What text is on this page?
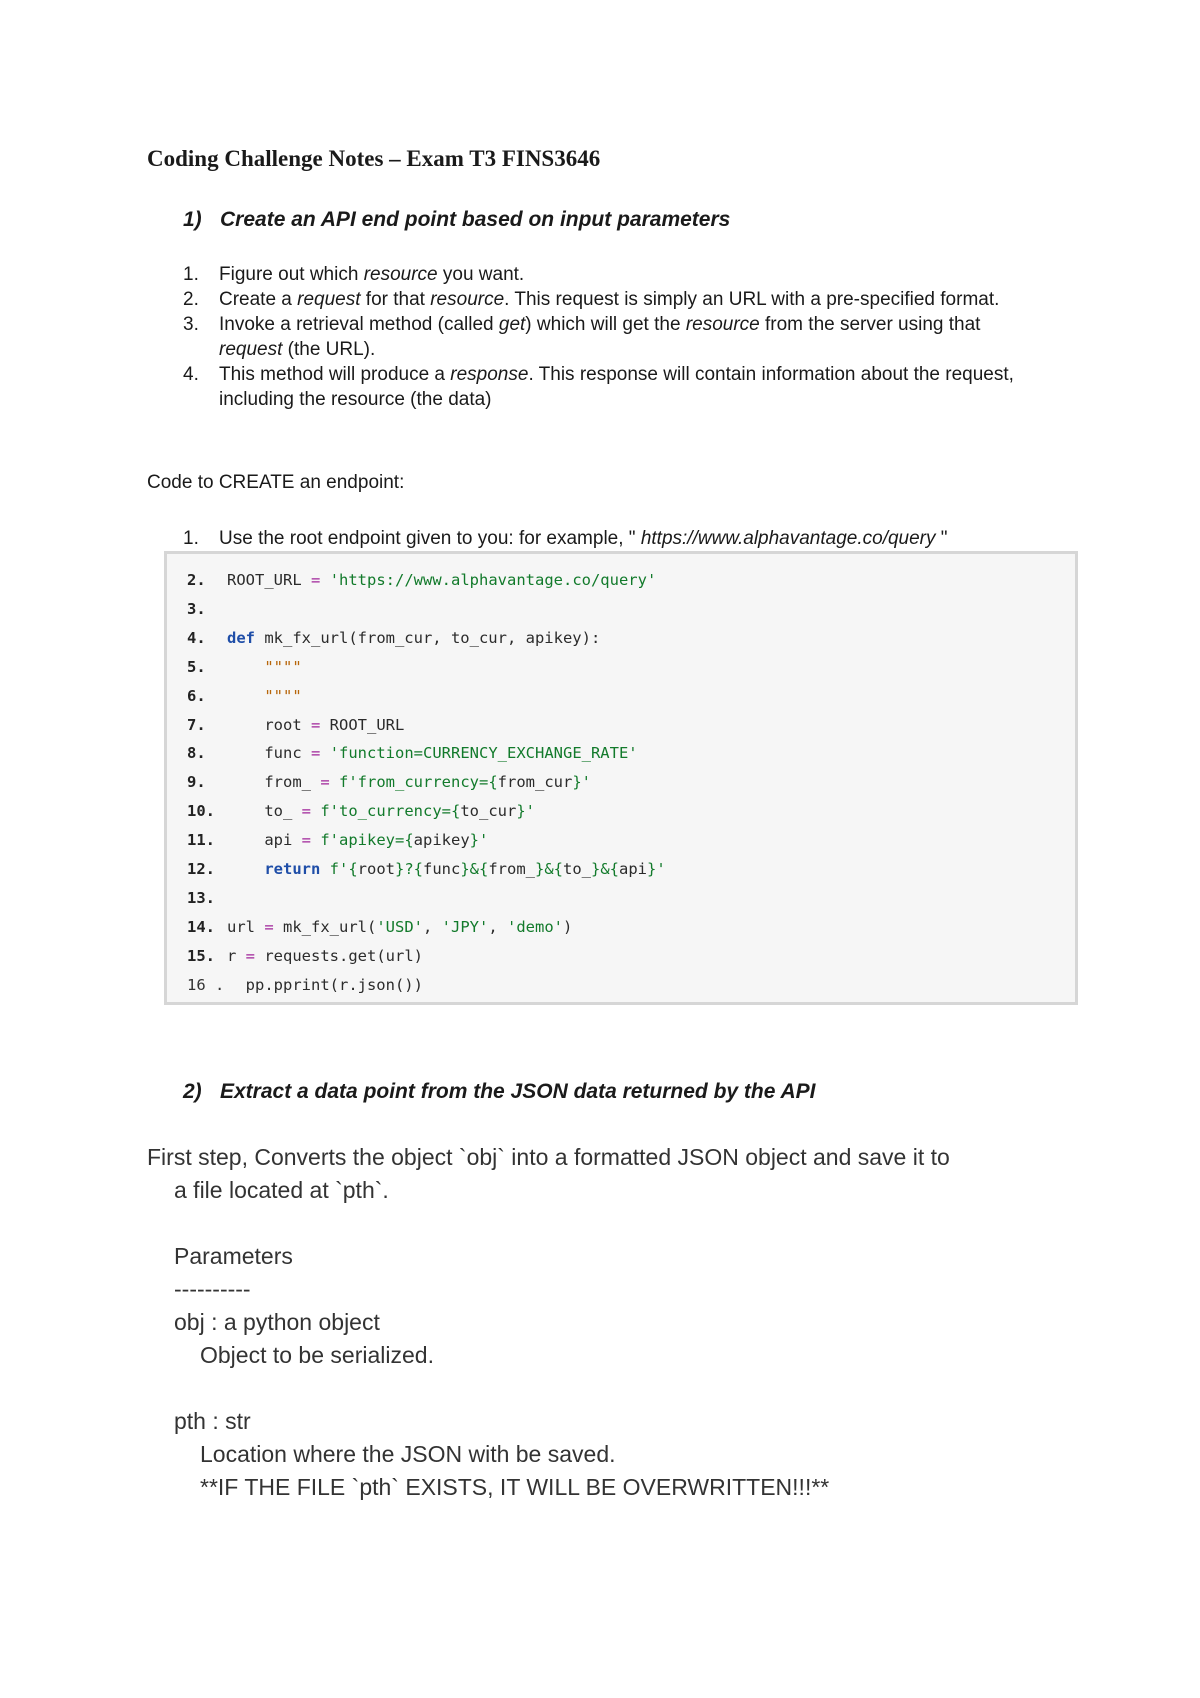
Coding Challenge Notes – Exam T3 FINS3646
1) Create an API end point based on input parameters
1. Figure out which resource you want.
2. Create a request for that resource. This request is simply an URL with a pre-specified format.
3. Invoke a retrieval method (called get) which will get the resource from the server using that request (the URL).
4. This method will produce a response. This response will contain information about the request, including the resource (the data)

Code to CREATE an endpoint:

1. Use the root endpoint given to you: for example, " https://www.alphavantage.co/query "
2. ROOT_URL = 'https://www.alphavantage.co/query'
3.
4. def mk_fx_url(from_cur, to_cur, apikey):
5.	""""
6.	""""
7.    root = ROOT_URL
8.    func = 'function=CURRENCY_EXCHANGE_RATE'
9.    from_ = f'from_currency={from_cur}'
10.    to_ = f'to_currency={to_cur}'
11.    api = f'apikey={apikey}'
12.	return f'{root}?{func}&{from_}&{to_}&{api}'
13.
14. url = mk_fx_url('USD', 'JPY', 'demo')
15. r = requests.get(url)
16 .  pp.pprint(r.json())
2) Extract a data point from the JSON data returned by the API

First step, Converts the object `obj` into a formatted JSON object and save it to

a file located at `pth`.

Parameters

----------

obj : a python object

Object to be serialized.

pth : str

Location where the JSON with be saved.

**IF THE FILE `pth` EXISTS, IT WILL BE OVERWRITTEN!!!**
